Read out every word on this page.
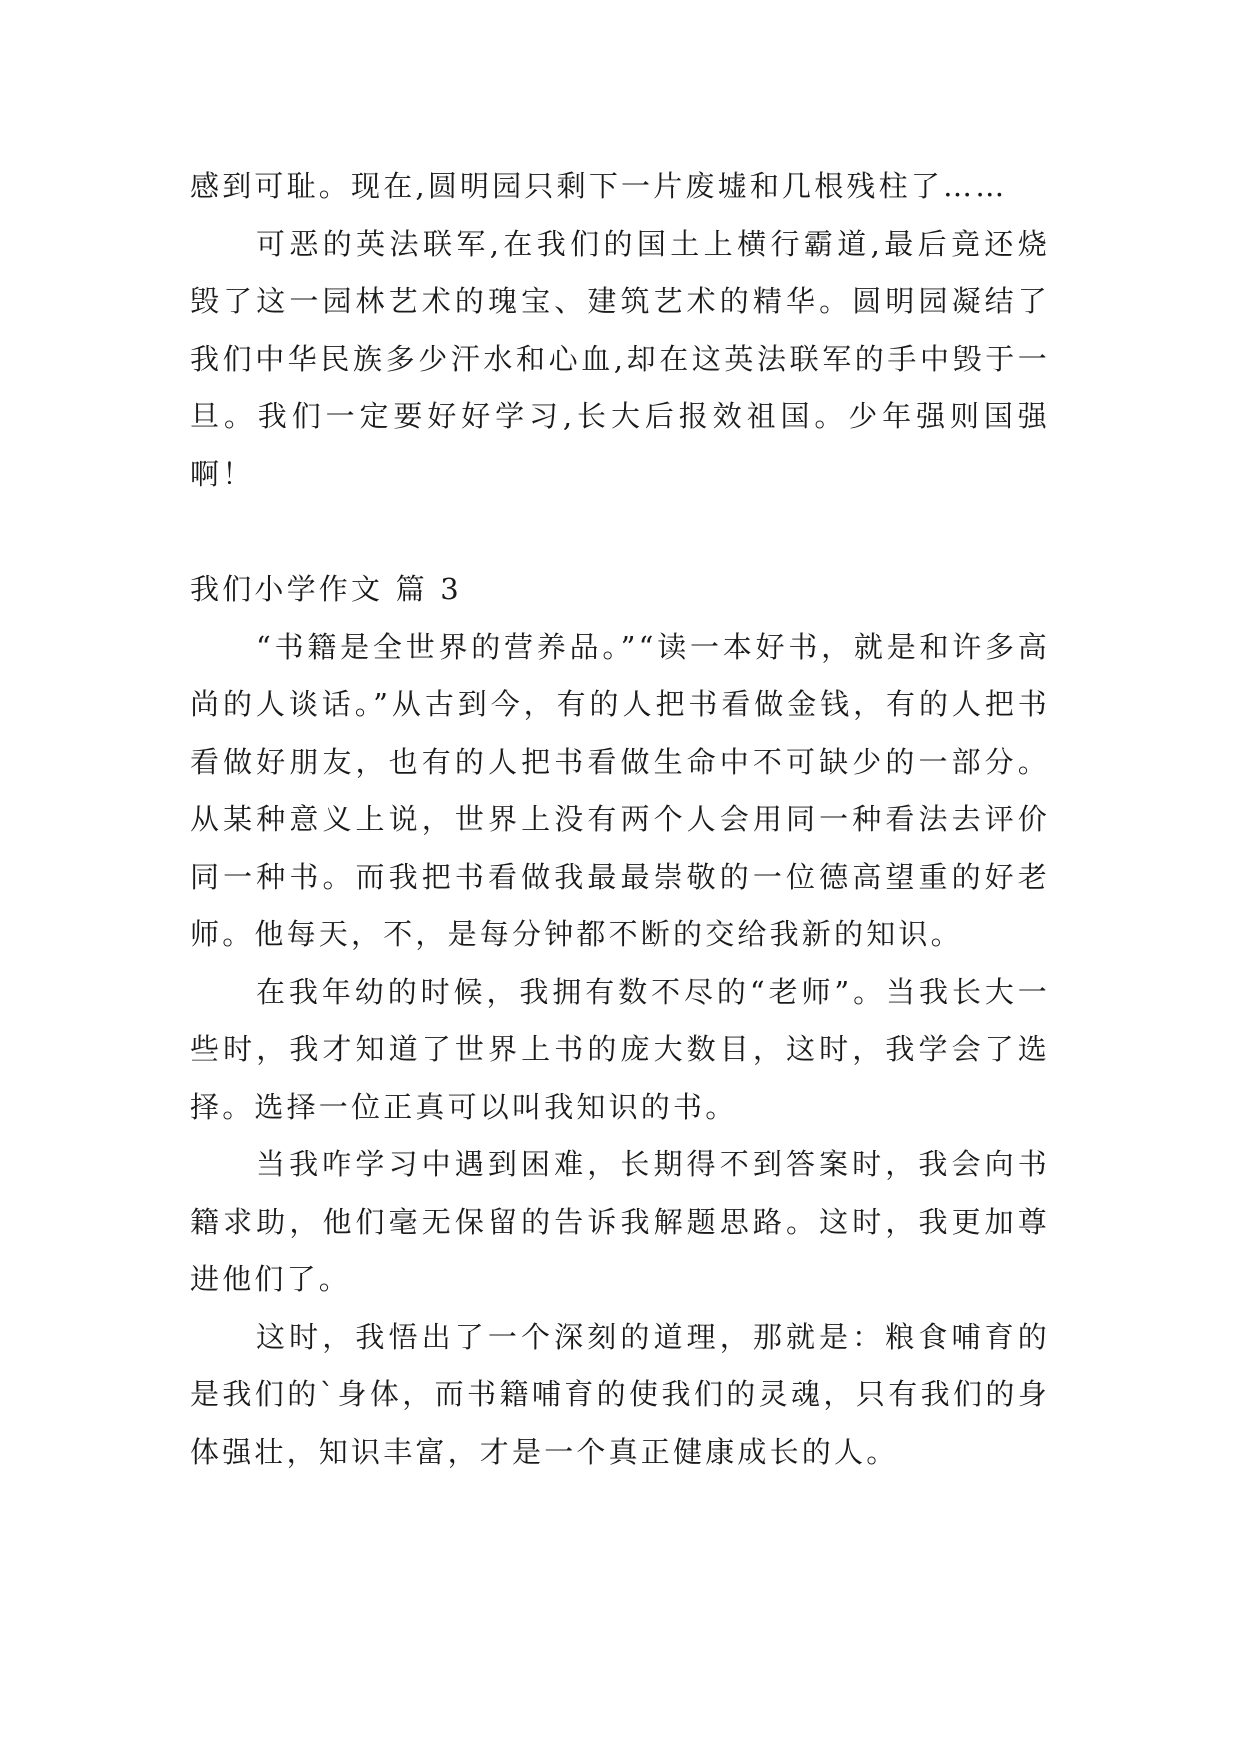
感到可耻。现在,圆明园只剩下一片废墟和几根残柱了……

可恶的英法联军,在我们的国土上横行霸道,最后竟还烧毁了这一园林艺术的瑰宝、建筑艺术的精华。圆明园凝结了我们中华民族多少汗水和心血,却在这英法联军的手中毁于一旦。我们一定要好好学习,长大后报效祖国。少年强则国强啊！

我们小学作文 篇 3

“书籍是全世界的营养品。”“读一本好书，就是和许多高尚的人谈话。”从古到今，有的人把书看做金钱，有的人把书看做好朋友，也有的人把书看做生命中不可缺少的一部分。从某种意义上说，世界上没有两个人会用同一种看法去评价同一种书。而我把书看做我最最崇敬的一位德高望重的好老师。他每天，不，是每分钟都不断的交给我新的知识。

在我年幼的时候，我拥有数不尽的“老师”。当我长大一些时，我才知道了世界上书的庞大数目，这时，我学会了选择。选择一位正真可以叫我知识的书。

当我咋学习中遇到困难，长期得不到答案时，我会向书籍求助，他们毫无保留的告诉我解题思路。这时，我更加尊进他们了。

这时，我悟出了一个深刻的道理，那就是：粮食哺育的是我们的`身体，而书籍哺育的使我们的灵魂，只有我们的身体强壮，知识丰富，才是一个真正健康成长的人。
